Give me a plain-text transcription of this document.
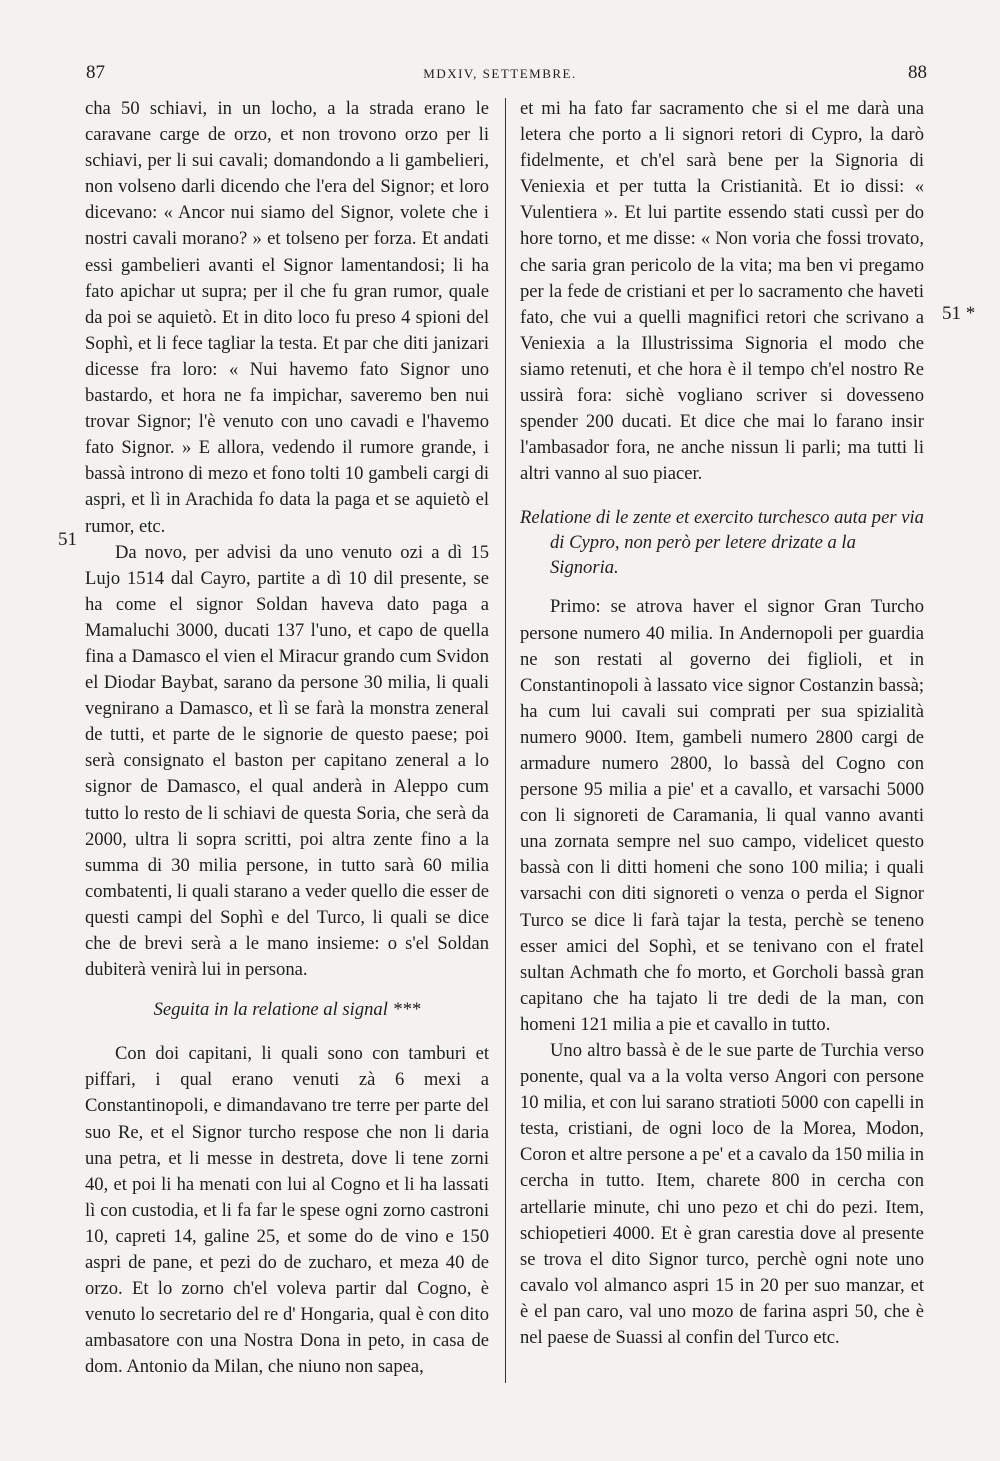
87	MDXIV, SETTEMBRE.	88
51
51 *

cha 50 schiavi, in un locho, a la strada erano le caravane carge de orzo, et non trovono orzo per li schiavi, per li sui cavali; domandondo a li gambelieri, non volseno darli dicendo che l'era del Signor; et loro dicevano: « Ancor nui siamo del Signor, volete che i nostri cavali morano? » et tolseno per forza. Et andati essi gambelieri avanti el Signor lamentandosi; li ha fato apichar ut supra; per il che fu gran rumor, quale da poi se aquietò. Et in dito loco fu preso 4 spioni del Sophì, et li fece tagliar la testa. Et par che diti janizari dicesse fra loro: « Nui havemo fato Signor uno bastardo, et hora ne fa impichar, saveremo ben nui trovar Signor; l'è venuto con uno cavadi e l'havemo fato Signor. » E allora, vedendo il rumore grande, i bassà introno di mezo et fono tolti 10 gambeli cargi di aspri, et lì in Arachida fo data la paga et se aquietò el rumor, etc.

Da novo, per advisi da uno venuto ozi a dì 15 Lujo 1514 dal Cayro, partite a dì 10 dil presente, se ha come el signor Soldan haveva dato paga a Mamaluchi 3000, ducati 137 l'uno, et capo de quella fina a Damasco el vien el Miracur grando cum Svidon el Diodar Baybat, sarano da persone 30 milia, li quali vegnirano a Damasco, et lì se farà la monstra zeneral de tutti, et parte de le signorie de questo paese; poi serà consignato el baston per capitano zeneral a lo signor de Damasco, el qual anderà in Aleppo cum tutto lo resto de li schiavi de questa Soria, che serà da 2000, ultra li sopra scritti, poi altra zente fino a la summa di 30 milia persone, in tutto sarà 60 milia combatenti, li quali starano a veder quello die esser de questi campi del Sophì e del Turco, li quali se dice che de brevi serà a le mano insieme: o s'el Soldan dubiterà venirà lui in persona.

Seguita in la relatione al signal ***

Con doi capitani, li quali sono con tamburi et piffari, i qual erano venuti zà 6 mexi a Constantinopoli, e dimandavano tre terre per parte del suo Re, et el Signor turcho respose che non li daria una petra, et li messe in destreta, dove li tene zorni 40, et poi li ha menati con lui al Cogno et li ha lassati lì con custodia, et li fa far le spese ogni zorno castroni 10, capreti 14, galine 25, et some do de vino e 150 aspri de pane, et pezi do de zucharo, et meza 40 de orzo. Et lo zorno ch'el voleva partir dal Cogno, è venuto lo secretario del re d' Hongaria, qual è con dito ambasatore con una Nostra Dona in peto, in casa de dom. Antonio da Milan, che niuno non sapea,

et mi ha fato far sacramento che si el me darà una letera che porto a li signori retori di Cypro, la darò fidelmente, et ch'el sarà bene per la Signoria di Veniexia et per tutta la Cristianità. Et io dissi: « Vulentiera ». Et lui partite essendo stati cussì per do hore torno, et me disse: « Non voria che fossi trovato, che saria gran pericolo de la vita; ma ben vi pregamo per la fede de cristiani et per lo sacramento che haveti fato, che vui a quelli magnifici retori che scrivano a Veniexia a la Illustrissima Signoria el modo che siamo retenuti, et che hora è il tempo ch'el nostro Re ussirà fora: sichè vogliano scriver si dovesseno spender 200 ducati. Et dice che mai lo farano insir l'ambasador fora, ne anche nissun li parli; ma tutti li altri vanno al suo piacer.

Relatione di le zente et exercito turchesco auta per via di Cypro, non però per letere drizate a la Signoria.

Primo: se atrova haver el signor Gran Turcho persone numero 40 milia. In Andernopoli per guardia ne son restati al governo dei figlioli, et in Constantinopoli à lassato vice signor Costanzin bassà; ha cum lui cavali sui comprati per sua spizialità numero 9000. Item, gambeli numero 2800 cargi de armadure numero 2800, lo bassà del Cogno con persone 95 milia a pie' et a cavallo, et varsachi 5000 con li signoreti de Caramania, li qual vanno avanti una zornata sempre nel suo campo, videlicet questo bassà con li ditti homeni che sono 100 milia; i quali varsachi con diti signoreti o venza o perda el Signor Turco se dice li farà tajar la testa, perchè se teneno esser amici del Sophì, et se tenivano con el fratel sultan Achmath che fo morto, et Gorcholi bassà gran capitano che ha tajato li tre dedi de la man, con homeni 121 milia a pie et cavallo in tutto.

Uno altro bassà è de le sue parte de Turchia verso ponente, qual va a la volta verso Angori con persone 10 milia, et con lui sarano stratioti 5000 con capelli in testa, cristiani, de ogni loco de la Morea, Modon, Coron et altre persone a pe' et a cavalo da 150 milia in cercha in tutto. Item, charete 800 in cercha con artellarie minute, chi uno pezo et chi do pezi. Item, schiopetieri 4000. Et è gran carestia dove al presente se trova el dito Signor turco, perchè ogni note uno cavalo vol almanco aspri 15 in 20 per suo manzar, et è el pan caro, val uno mozo de farina aspri 50, che è nel paese de Suassi al confin del Turco etc.
